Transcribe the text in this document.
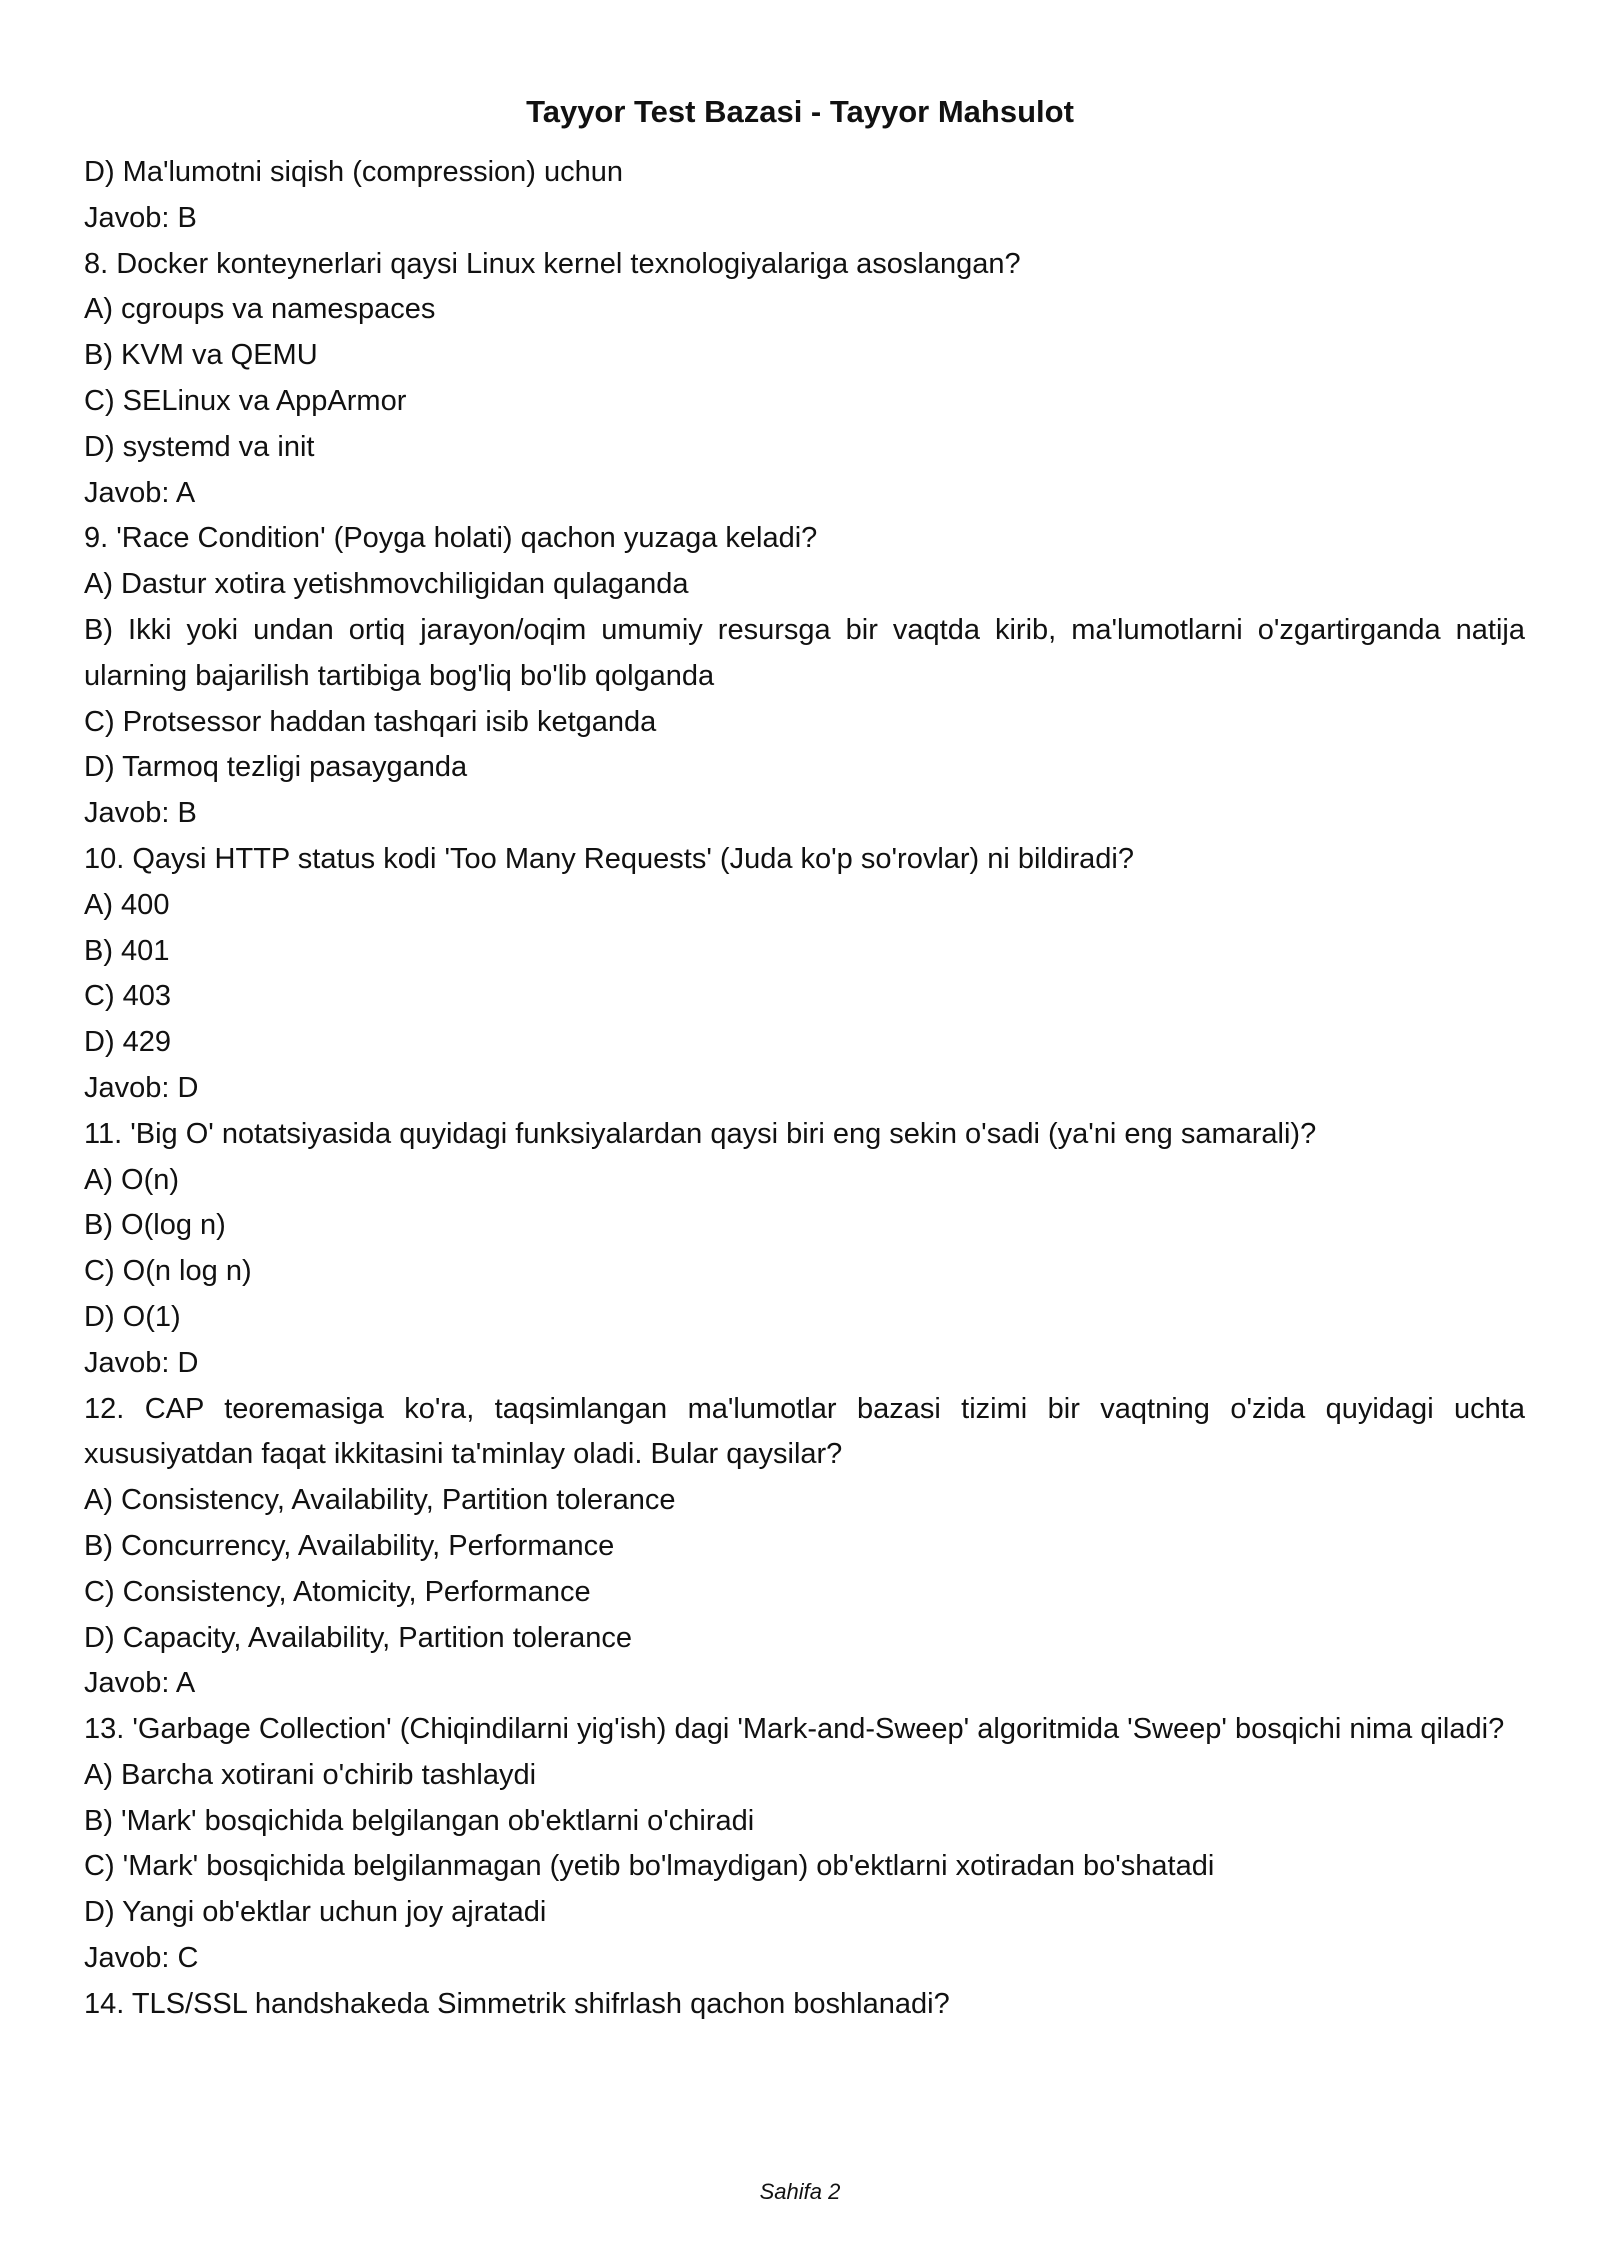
Tayyor Test Bazasi - Tayyor Mahsulot

D) Ma'lumotni siqish (compression) uchun

Javob: B

8. Docker konteynerlari qaysi Linux kernel texnologiyalariga asoslangan?

A) cgroups va namespaces

B) KVM va QEMU

C) SELinux va AppArmor

D) systemd va init

Javob: A

9. 'Race Condition' (Poyga holati) qachon yuzaga keladi?

A) Dastur xotira yetishmovchiligidan qulaganda

B) Ikki yoki undan ortiq jarayon/oqim umumiy resursga bir vaqtda kirib, ma'lumotlarni o'zgartirganda natija ularning bajarilish tartibiga bog'liq bo'lib qolganda

C) Protsessor haddan tashqari isib ketganda

D) Tarmoq tezligi pasayganda

Javob: B

10. Qaysi HTTP status kodi 'Too Many Requests' (Juda ko'p so'rovlar) ni bildiradi?

A) 400

B) 401

C) 403

D) 429

Javob: D

11. 'Big O' notatsiyasida quyidagi funksiyalardan qaysi biri eng sekin o'sadi (ya'ni eng samarali)?

A) O(n)

B) O(log n)

C) O(n log n)

D) O(1)

Javob: D

12. CAP teoremasiga ko'ra, taqsimlangan ma'lumotlar bazasi tizimi bir vaqtning o'zida quyidagi uchta xususiyatdan faqat ikkitasini ta'minlay oladi. Bular qaysilar?

A) Consistency, Availability, Partition tolerance

B) Concurrency, Availability, Performance

C) Consistency, Atomicity, Performance

D) Capacity, Availability, Partition tolerance

Javob: A

13. 'Garbage Collection' (Chiqindilarni yig'ish) dagi 'Mark-and-Sweep' algoritmida 'Sweep' bosqichi nima qiladi?

A) Barcha xotirani o'chirib tashlaydi

B) 'Mark' bosqichida belgilangan ob'ektlarni o'chiradi

C) 'Mark' bosqichida belgilanmagan (yetib bo'lmaydigan) ob'ektlarni xotiradan bo'shatadi

D) Yangi ob'ektlar uchun joy ajratadi

Javob: C

14. TLS/SSL handshakeda Simmetrik shifrlash qachon boshlanadi?

Sahifa 2
